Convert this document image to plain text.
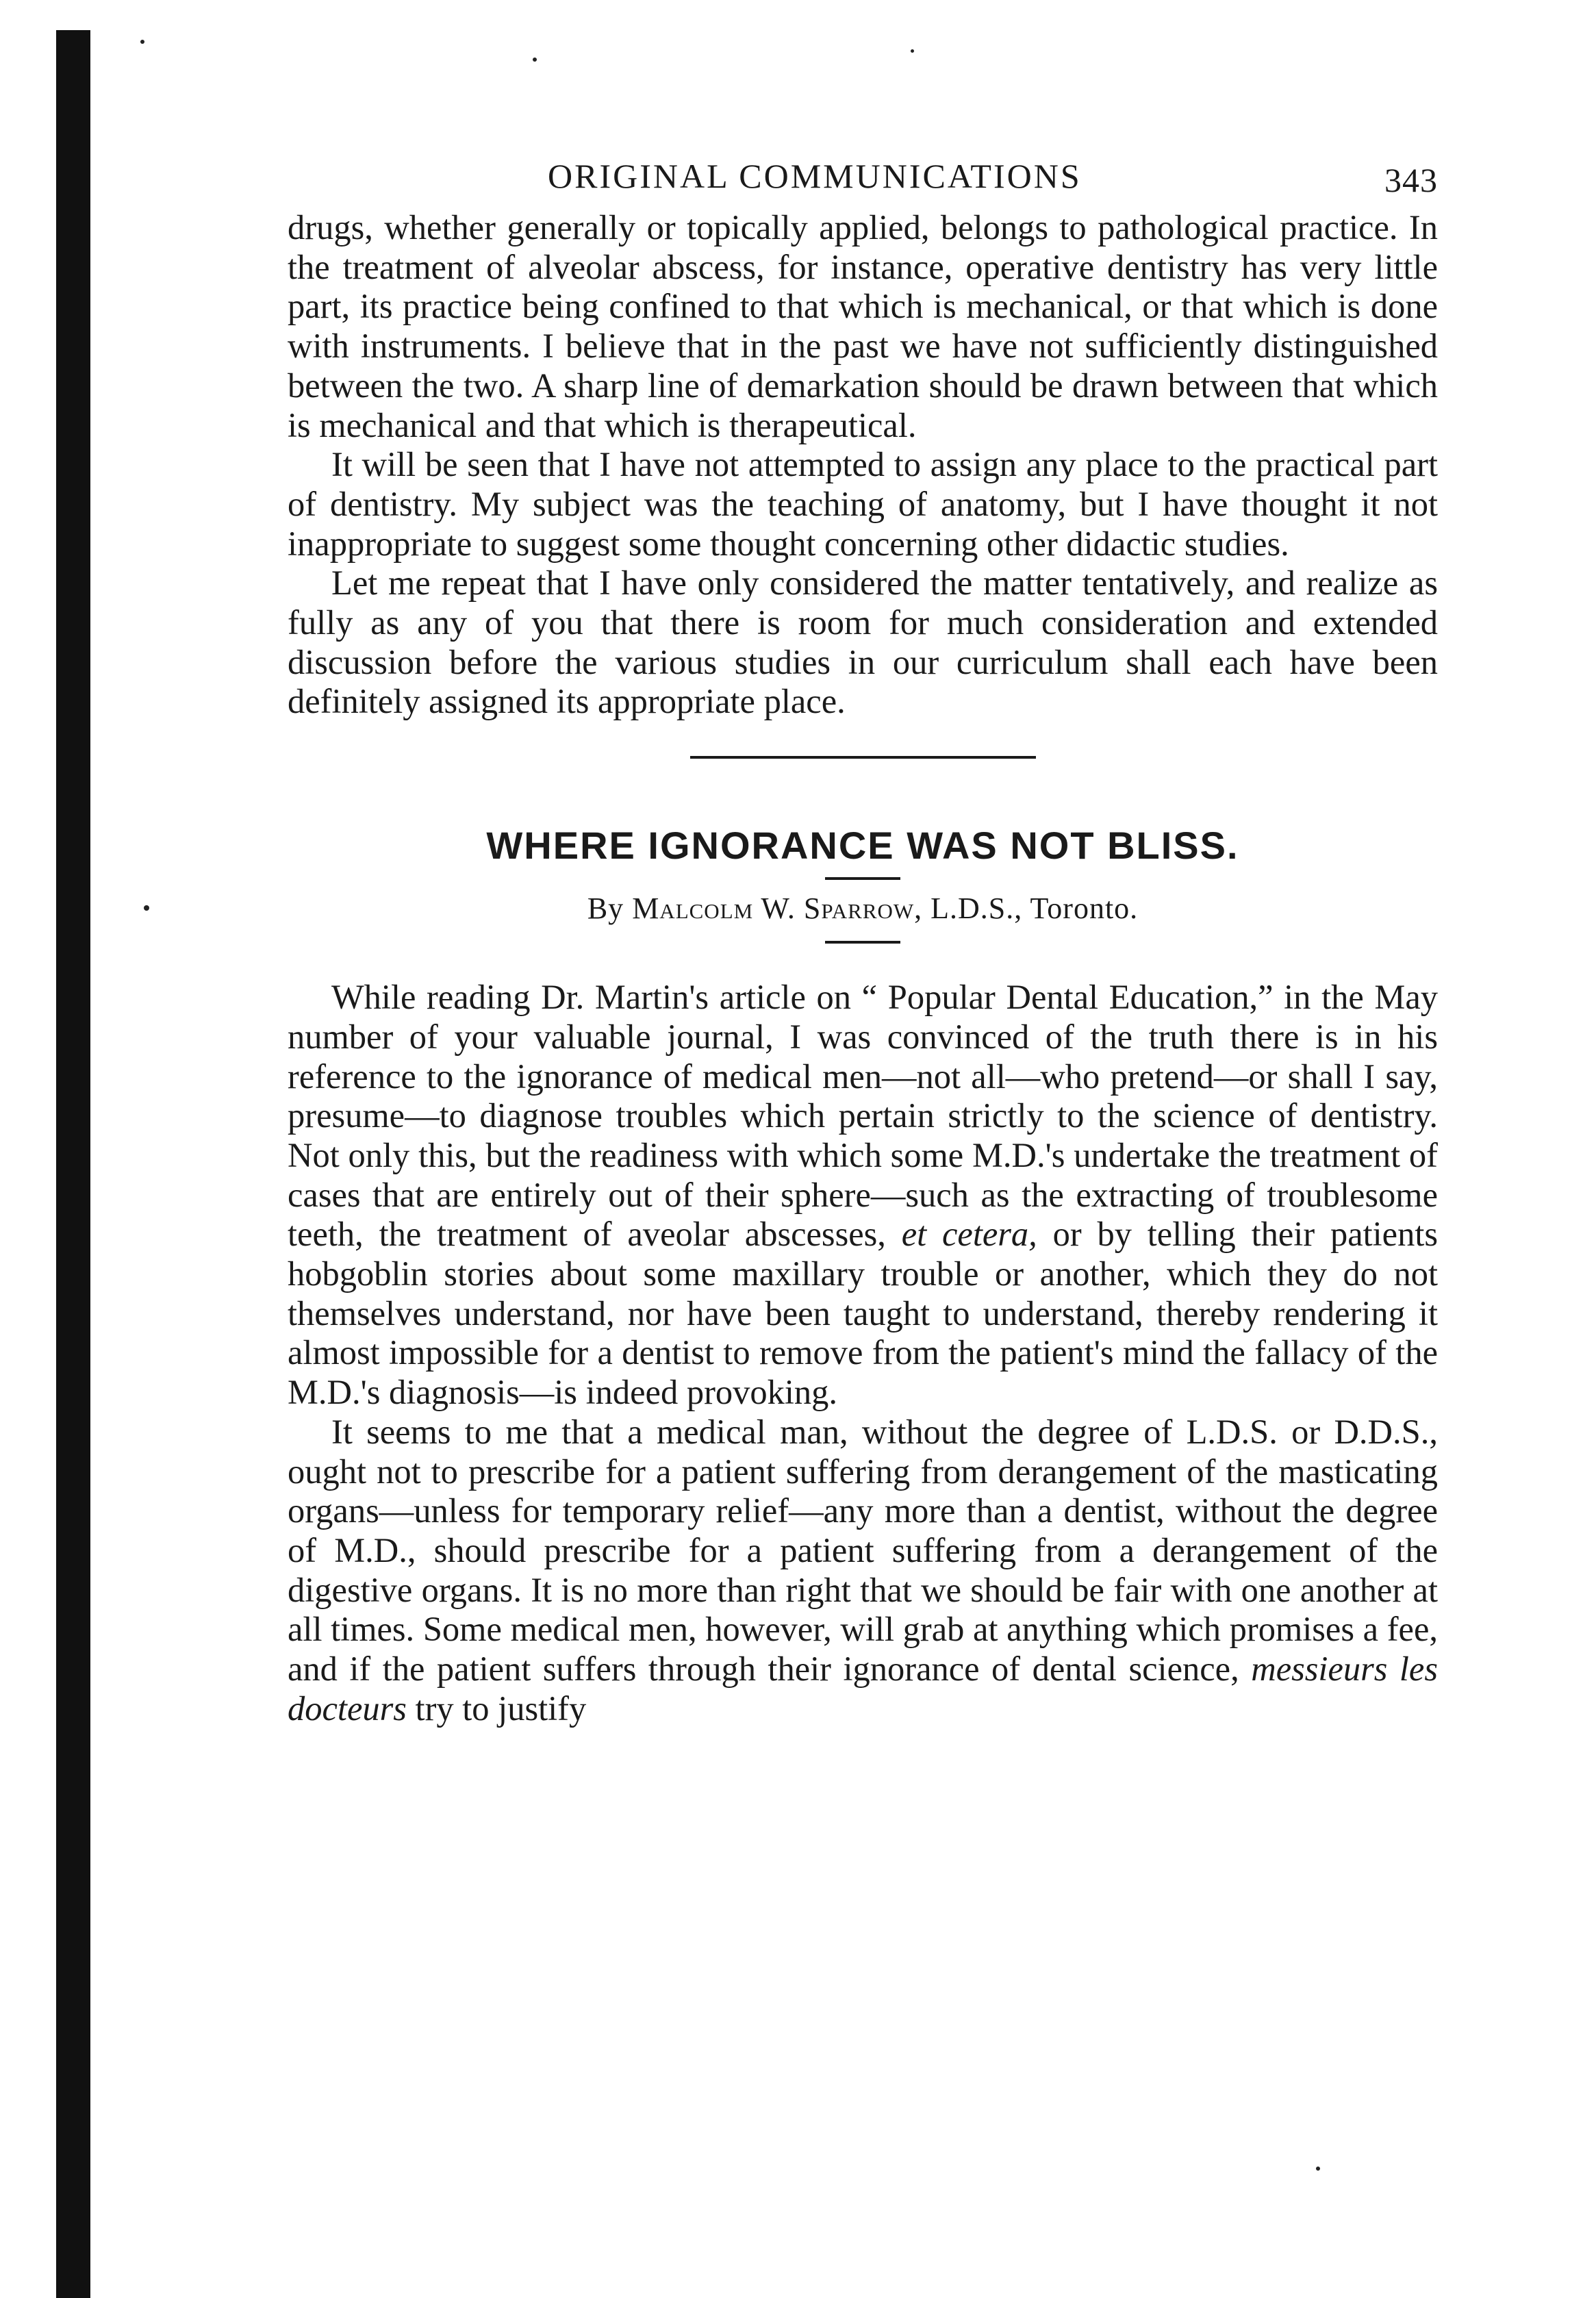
ORIGINAL COMMUNICATIONS	343

drugs, whether generally or topically applied, belongs to pathological practice. In the treatment of alveolar abscess, for instance, operative dentistry has very little part, its practice being confined to that which is mechanical, or that which is done with instruments. I believe that in the past we have not sufficiently distinguished between the two. A sharp line of demarkation should be drawn between that which is mechanical and that which is therapeutical.

It will be seen that I have not attempted to assign any place to the practical part of dentistry. My subject was the teaching of anatomy, but I have thought it not inappropriate to suggest some thought concerning other didactic studies.

Let me repeat that I have only considered the matter tentatively, and realize as fully as any of you that there is room for much consideration and extended discussion before the various studies in our curriculum shall each have been definitely assigned its appropriate place.

WHERE IGNORANCE WAS NOT BLISS.

By Malcolm W. Sparrow, L.D.S., Toronto.

While reading Dr. Martin's article on “ Popular Dental Education,” in the May number of your valuable journal, I was convinced of the truth there is in his reference to the ignorance of medical men—not all—who pretend—or shall I say, presume—to diagnose troubles which pertain strictly to the science of dentistry. Not only this, but the readiness with which some M.D.'s undertake the treatment of cases that are entirely out of their sphere—such as the extracting of troublesome teeth, the treatment of aveolar abscesses, et cetera, or by telling their patients hobgoblin stories about some maxillary trouble or another, which they do not themselves understand, nor have been taught to understand, thereby rendering it almost impossible for a dentist to remove from the patient's mind the fallacy of the M.D.'s diagnosis—is indeed provoking.

It seems to me that a medical man, without the degree of L.D.S. or D.D.S., ought not to prescribe for a patient suffering from derangement of the masticating organs—unless for temporary relief—any more than a dentist, without the degree of M.D., should prescribe for a patient suffering from a derangement of the digestive organs. It is no more than right that we should be fair with one another at all times. Some medical men, however, will grab at anything which promises a fee, and if the patient suffers through their ignorance of dental science, messieurs les docteurs try to justify
